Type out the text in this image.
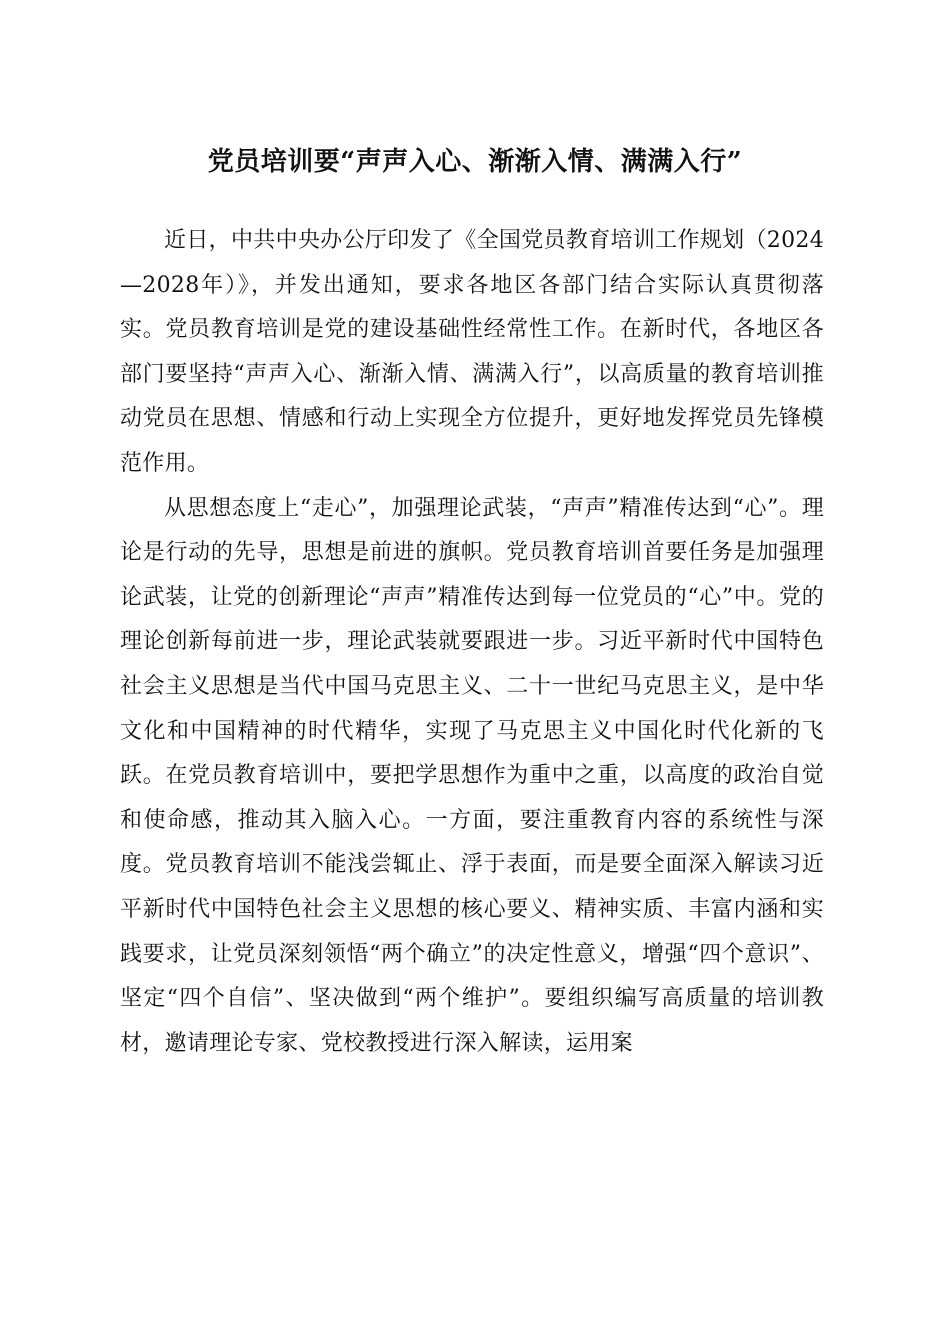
党员培训要“声声入心、渐渐入情、满满入行”

近日，中共中央办公厅印发了《全国党员教育培训工作规划（2024—2028年）》，并发出通知，要求各地区各部门结合实际认真贯彻落实。党员教育培训是党的建设基础性经常性工作。在新时代，各地区各部门要坚持“声声入心、渐渐入情、满满入行”，以高质量的教育培训推动党员在思想、情感和行动上实现全方位提升，更好地发挥党员先锋模范作用。

从思想态度上“走心”，加强理论武装，“声声”精准传达到“心”。理论是行动的先导，思想是前进的旗帜。党员教育培训首要任务是加强理论武装，让党的创新理论“声声”精准传达到每一位党员的“心”中。党的理论创新每前进一步，理论武装就要跟进一步。习近平新时代中国特色社会主义思想是当代中国马克思主义、二十一世纪马克思主义，是中华文化和中国精神的时代精华，实现了马克思主义中国化时代化新的飞跃。在党员教育培训中，要把学思想作为重中之重，以高度的政治自觉和使命感，推动其入脑入心。一方面，要注重教育内容的系统性与深度。党员教育培训不能浅尝辄止、浮于表面，而是要全面深入解读习近平新时代中国特色社会主义思想的核心要义、精神实质、丰富内涵和实践要求，让党员深刻领悟“两个确立”的决定性意义，增强“四个意识”、坚定“四个自信”、坚决做到“两个维护”。要组织编写高质量的培训教材，邀请理论专家、党校教授进行深入解读，运用案
